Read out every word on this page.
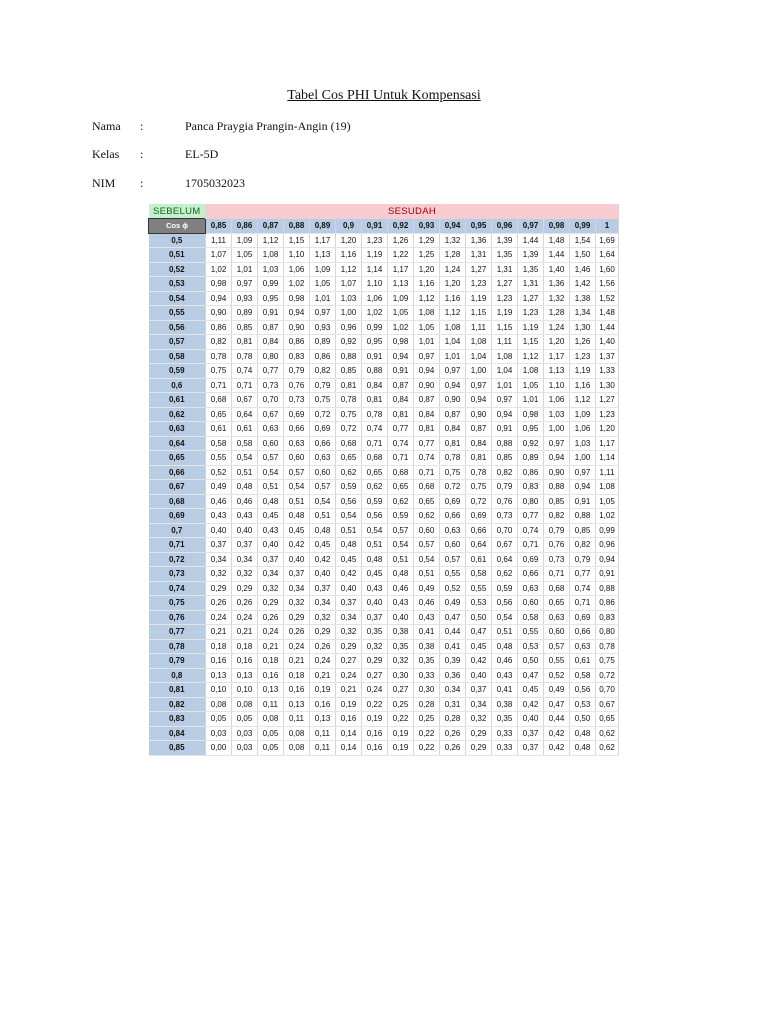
Tabel Cos PHI Untuk Kompensasi
Nama	:	Panca Praygia Prangin-Angin (19)
Kelas	:	EL-5D
NIM	:	1705032023
SEBELUM	SESUDAH															
Cos ϕ	0,85	0,86	0,87	0,88	0,89	0,9	0,91	0,92	0,93	0,94	0,95	0,96	0,97	0,98	0,99	1
0,5	1,11	1,09	1,12	1,15	1,17	1,20	1,23	1,26	1,29	1,32	1,36	1,39	1,44	1,48	1,54	1,69
0,51	1,07	1,05	1,08	1,10	1,13	1,16	1,19	1,22	1,25	1,28	1,31	1,35	1,39	1,44	1,50	1,64
0,52	1,02	1,01	1,03	1,06	1,09	1,12	1,14	1,17	1,20	1,24	1,27	1,31	1,35	1,40	1,46	1,60
0,53	0,98	0,97	0,99	1,02	1,05	1,07	1,10	1,13	1,16	1,20	1,23	1,27	1,31	1,36	1,42	1,56
0,54	0,94	0,93	0,95	0,98	1,01	1,03	1,06	1,09	1,12	1,16	1,19	1,23	1,27	1,32	1,38	1,52
0,55	0,90	0,89	0,91	0,94	0,97	1,00	1,02	1,05	1,08	1,12	1,15	1,19	1,23	1,28	1,34	1,48
0,56	0,86	0,85	0,87	0,90	0,93	0,96	0,99	1,02	1,05	1,08	1,11	1,15	1,19	1,24	1,30	1,44
0,57	0,82	0,81	0,84	0,86	0,89	0,92	0,95	0,98	1,01	1,04	1,08	1,11	1,15	1,20	1,26	1,40
0,58	0,78	0,78	0,80	0,83	0,86	0,88	0,91	0,94	0,97	1,01	1,04	1,08	1,12	1,17	1,23	1,37
0,59	0,75	0,74	0,77	0,79	0,82	0,85	0,88	0,91	0,94	0,97	1,00	1,04	1,08	1,13	1,19	1,33
0,6	0,71	0,71	0,73	0,76	0,79	0,81	0,84	0,87	0,90	0,94	0,97	1,01	1,05	1,10	1,16	1,30
0,61	0,68	0,67	0,70	0,73	0,75	0,78	0,81	0,84	0,87	0,90	0,94	0,97	1,01	1,06	1,12	1,27
0,62	0,65	0,64	0,67	0,69	0,72	0,75	0,78	0,81	0,84	0,87	0,90	0,94	0,98	1,03	1,09	1,23
0,63	0,61	0,61	0,63	0,66	0,69	0,72	0,74	0,77	0,81	0,84	0,87	0,91	0,95	1,00	1,06	1,20
0,64	0,58	0,58	0,60	0,63	0,66	0,68	0,71	0,74	0,77	0,81	0,84	0,88	0,92	0,97	1,03	1,17
0,65	0,55	0,54	0,57	0,60	0,63	0,65	0,68	0,71	0,74	0,78	0,81	0,85	0,89	0,94	1,00	1,14
0,66	0,52	0,51	0,54	0,57	0,60	0,62	0,65	0,68	0,71	0,75	0,78	0,82	0,86	0,90	0,97	1,11
0,67	0,49	0,48	0,51	0,54	0,57	0,59	0,62	0,65	0,68	0,72	0,75	0,79	0,83	0,88	0,94	1,08
0,68	0,46	0,46	0,48	0,51	0,54	0,56	0,59	0,62	0,65	0,69	0,72	0,76	0,80	0,85	0,91	1,05
0,69	0,43	0,43	0,45	0,48	0,51	0,54	0,56	0,59	0,62	0,66	0,69	0,73	0,77	0,82	0,88	1,02
0,7	0,40	0,40	0,43	0,45	0,48	0,51	0,54	0,57	0,60	0,63	0,66	0,70	0,74	0,79	0,85	0,99
0,71	0,37	0,37	0,40	0,42	0,45	0,48	0,51	0,54	0,57	0,60	0,64	0,67	0,71	0,76	0,82	0,96
0,72	0,34	0,34	0,37	0,40	0,42	0,45	0,48	0,51	0,54	0,57	0,61	0,64	0,69	0,73	0,79	0,94
0,73	0,32	0,32	0,34	0,37	0,40	0,42	0,45	0,48	0,51	0,55	0,58	0,62	0,66	0,71	0,77	0,91
0,74	0,29	0,29	0,32	0,34	0,37	0,40	0,43	0,46	0,49	0,52	0,55	0,59	0,63	0,68	0,74	0,88
0,75	0,26	0,26	0,29	0,32	0,34	0,37	0,40	0,43	0,46	0,49	0,53	0,56	0,60	0,65	0,71	0,86
0,76	0,24	0,24	0,26	0,29	0,32	0,34	0,37	0,40	0,43	0,47	0,50	0,54	0,58	0,63	0,69	0,83
0,77	0,21	0,21	0,24	0,26	0,29	0,32	0,35	0,38	0,41	0,44	0,47	0,51	0,55	0,60	0,66	0,80
0,78	0,18	0,18	0,21	0,24	0,26	0,29	0,32	0,35	0,38	0,41	0,45	0,48	0,53	0,57	0,63	0,78
0,79	0,16	0,16	0,18	0,21	0,24	0,27	0,29	0,32	0,35	0,39	0,42	0,46	0,50	0,55	0,61	0,75
0,8	0,13	0,13	0,16	0,18	0,21	0,24	0,27	0,30	0,33	0,36	0,40	0,43	0,47	0,52	0,58	0,72
0,81	0,10	0,10	0,13	0,16	0,19	0,21	0,24	0,27	0,30	0,34	0,37	0,41	0,45	0,49	0,56	0,70
0,82	0,08	0,08	0,11	0,13	0,16	0,19	0,22	0,25	0,28	0,31	0,34	0,38	0,42	0,47	0,53	0,67
0,83	0,05	0,05	0,08	0,11	0,13	0,16	0,19	0,22	0,25	0,28	0,32	0,35	0,40	0,44	0,50	0,65
0,84	0,03	0,03	0,05	0,08	0,11	0,14	0,16	0,19	0,22	0,26	0,29	0,33	0,37	0,42	0,48	0,62
0,85	0,00	0,03	0,05	0,08	0,11	0,14	0,16	0,19	0,22	0,26	0,29	0,33	0,37	0,42	0,48	0,62
